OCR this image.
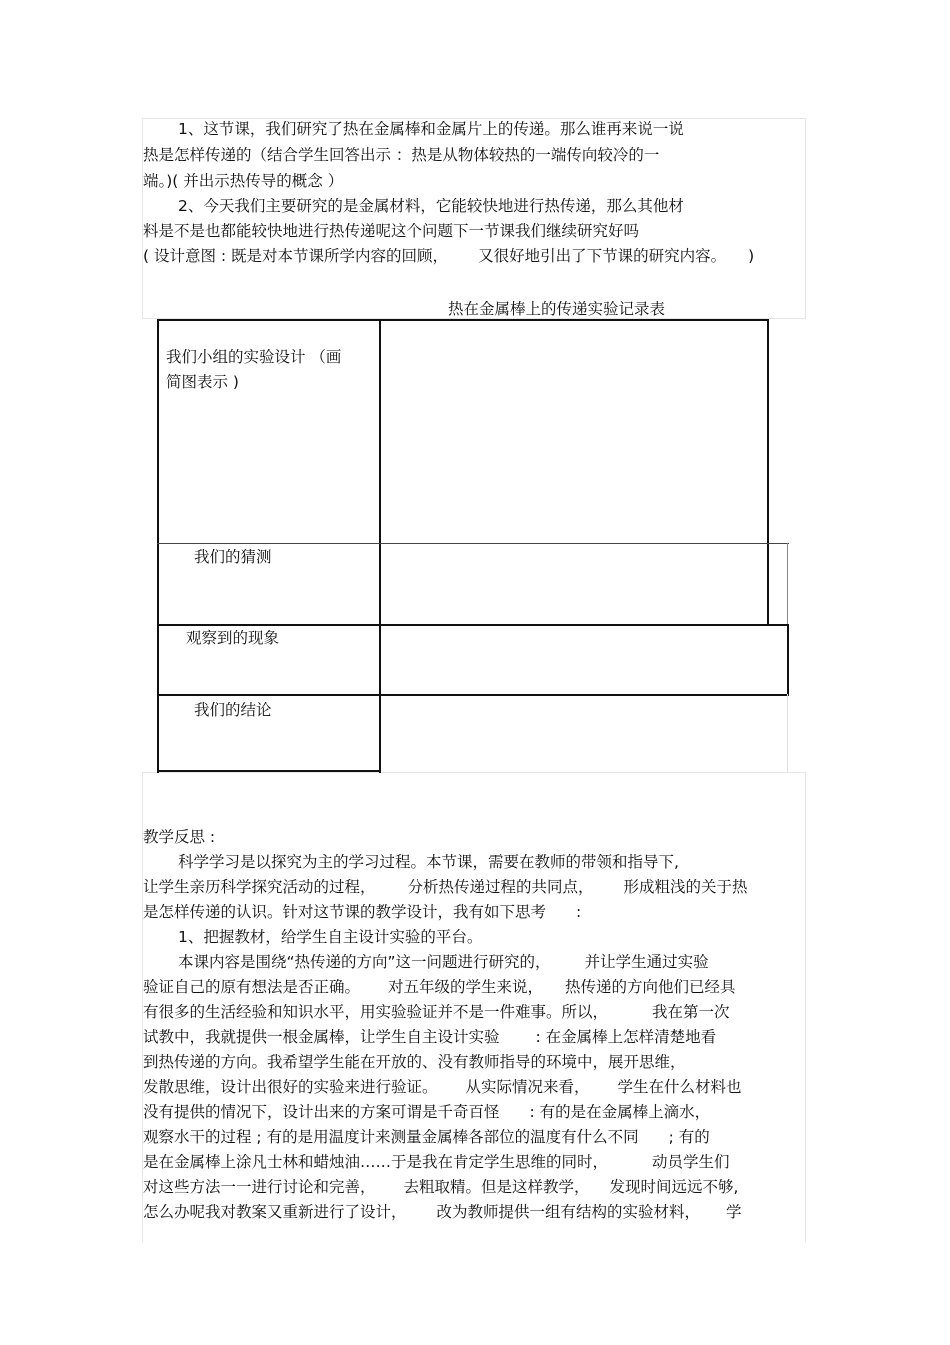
1、这节课，我们研究了热在金属棒和金属片上的传递。那么谁再来说一说
热是怎样传递的（结合学生回答出示 ：热是从物体较热的一端传向较冷的一
端。)( 并出示热传导的概念 ）
2、今天我们主要研究的是金属材料，它能较快地进行热传递，那么其他材
料是不是也都能较快地进行热传递呢这个问题下一节课我们继续研究好吗
( 设计意图 : 既是对本节课所学内容的回顾， 又很好地引出了下节课的研究内容。 )
热在金属棒上的传递实验记录表
我们小组的实验设计 （画
简图表示 )
我们的猜测
观察到的现象
我们的结论
教学反思 :
科学学习是以探究为主的学习过程。本节课，需要在教师的带领和指导下,
让学生亲历科学探究活动的过程， 分析热传递过程的共同点， 形成粗浅的关于热
是怎样传递的认识。针对这节课的教学设计，我有如下思考 :
1、把握教材，给学生自主设计实验的平台。
本课内容是围绕“热传递的方向”这一问题进行研究的， 并让学生通过实验
验证自己的原有想法是否正确。 对五年级的学生来说， 热传递的方向他们已经具
有很多的生活经验和知识水平，用实验验证并不是一件难事。所以，	我在第一次
试教中，我就提供一根金属棒，让学生自主设计实验 : 在金属棒上怎样清楚地看
到热传递的方向。我希望学生能在开放的、没有教师指导的环境中，展开思维，
发散思维，设计出很好的实验来进行验证。 从实际情况来看， 学生在什么材料也
没有提供的情况下，设计出来的方案可谓是千奇百怪 : 有的是在金属棒上滴水，
观察水干的过程 ; 有的是用温度计来测量金属棒各部位的温度有什么不同 ; 有的
是在金属棒上涂凡士林和蜡烛油……于是我在肯定学生思维的同时，	动员学生们
对这些方法一一进行讨论和完善， 去粗取精。但是这样教学， 发现时间远远不够,
怎么办呢我对教案又重新进行了设计， 改为教师提供一组有结构的实验材料， 学
